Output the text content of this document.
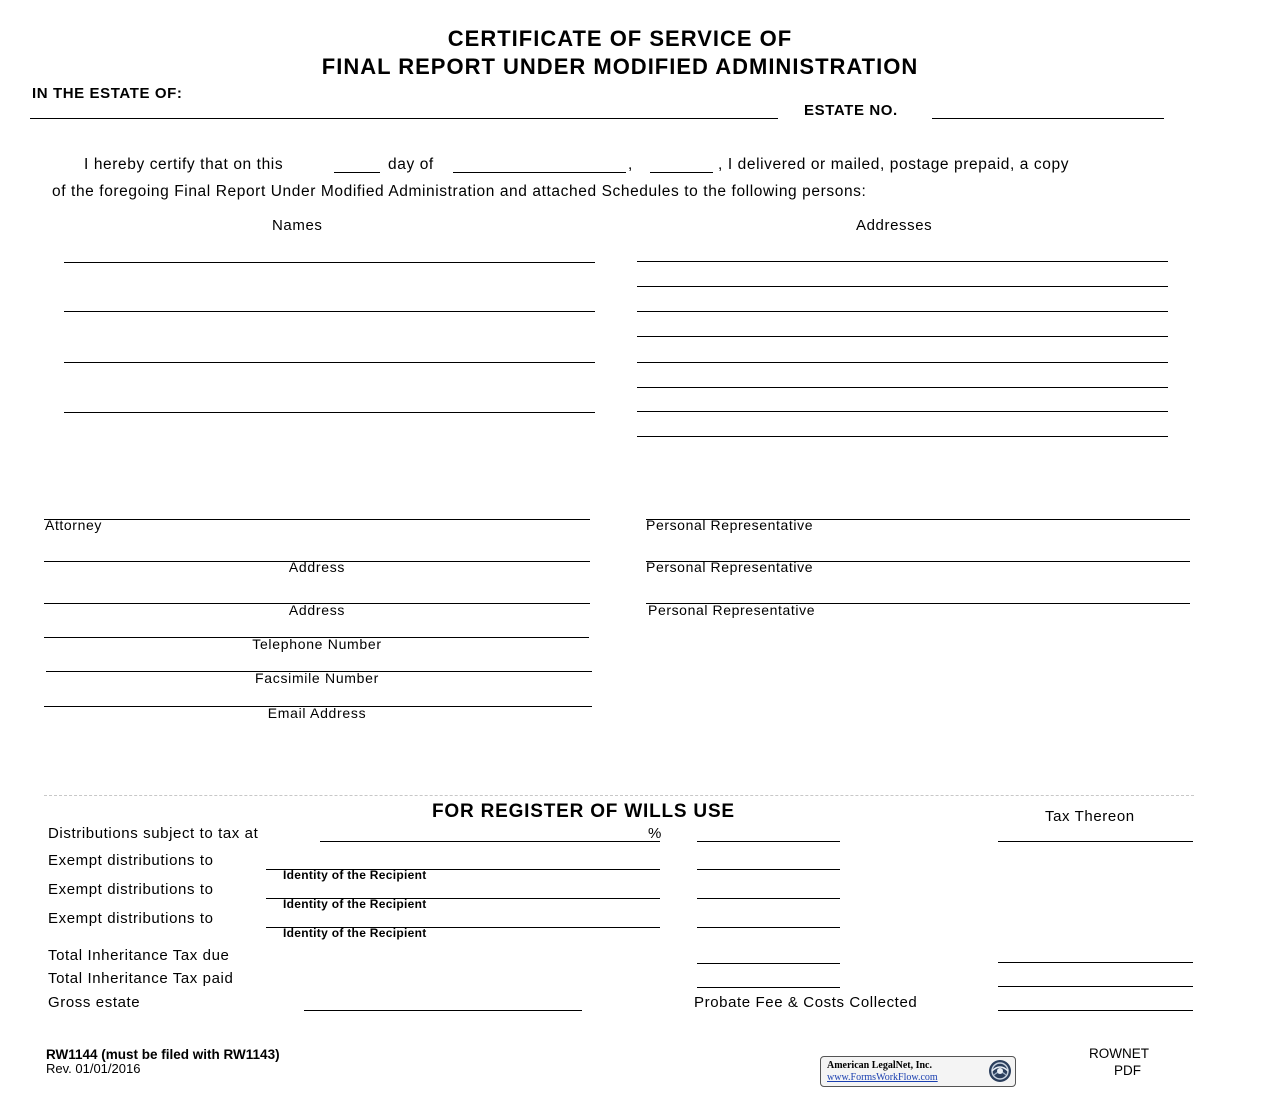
CERTIFICATE OF SERVICE OF
FINAL REPORT UNDER MODIFIED ADMINISTRATION
IN THE ESTATE OF:
ESTATE NO.
I hereby certify that on this	day of	,	, I delivered or mailed, postage prepaid, a copy
of the foregoing Final Report Under Modified Administration and attached Schedules to the following persons:
Names	Addresses
Attorney
Address
Address
Telephone Number
Facsimile Number
Email Address
Personal Representative
Personal Representative
Personal Representative
FOR REGISTER OF WILLS USE	Tax Thereon
Distributions subject to tax at	%
Exempt distributions to
Identity of the Recipient
Exempt distributions to
Identity of the Recipient
Exempt distributions to
Identity of the Recipient
Total Inheritance Tax due
Total Inheritance Tax paid
Gross estate	Probate Fee & Costs Collected
RW1144 (must be filed with RW1143)
Rev. 01/01/2016	American LegalNet, Inc.
www.FormsWorkFlow.com
ROWNET
PDF
